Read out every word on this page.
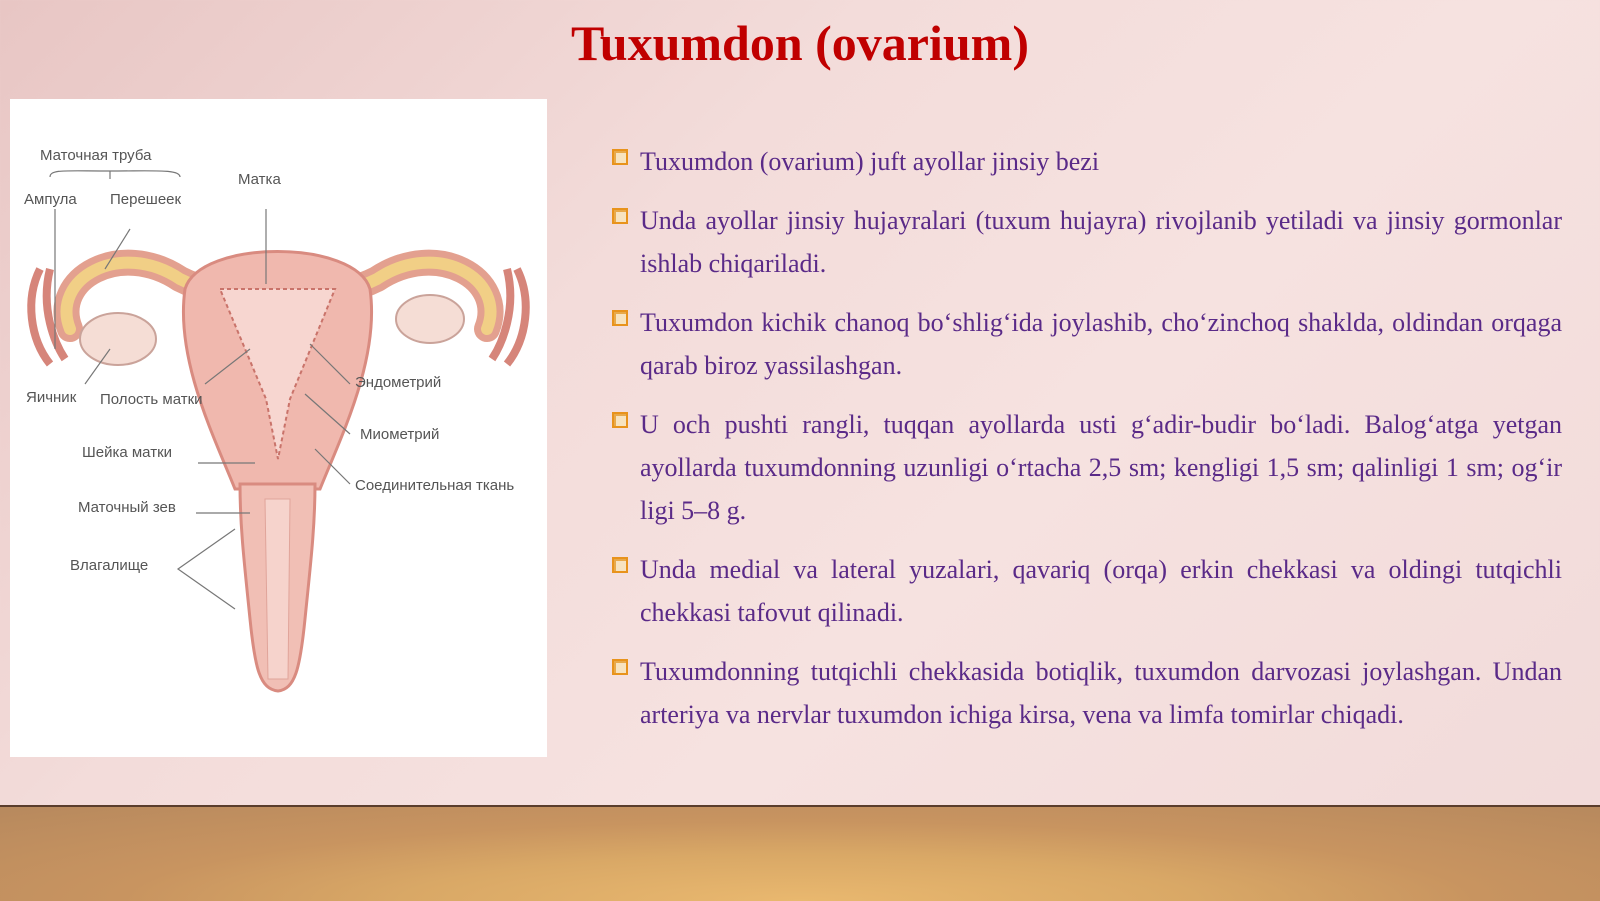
Tuxumdon (ovarium)
Маточная труба
Ампула Перешеек
Матка
Яичник Полость матки
Эндометрий
Миометрий
Шейка матки
Соединительная ткань
Маточный зев
Влагалище
Tuxumdon (ovarium) juft ayollar jinsiy bezi
Unda ayollar jinsiy hujayralari (tuxum hujayra) rivojlanib yetiladi va jinsiy gormonlar ishlab chiqariladi.
Tuxumdon kichik chanoq bo‘shlig‘ida joylashib, cho‘zinchoq shaklda, oldindan orqaga qarab biroz yassilashgan.
U och pushti rangli, tuqqan ayollarda usti g‘adir-budir bo‘ladi. Balog‘atga yetgan ayollarda tuxumdonning uzunligi o‘rtacha 2,5 sm; kengligi 1,5 sm; qalinligi 1 sm; og‘ir ligi 5–8 g.
Unda medial va lateral yuzalari, qavariq (orqa) erkin chekkasi va oldingi tutqichli chekkasi tafovut qilinadi.
Tuxumdonning tutqichli chekkasida botiqlik, tuxumdon darvozasi joylashgan. Undan arteriya va nervlar tuxumdon ichiga kirsa, vena va limfa tomirlar chiqadi.
